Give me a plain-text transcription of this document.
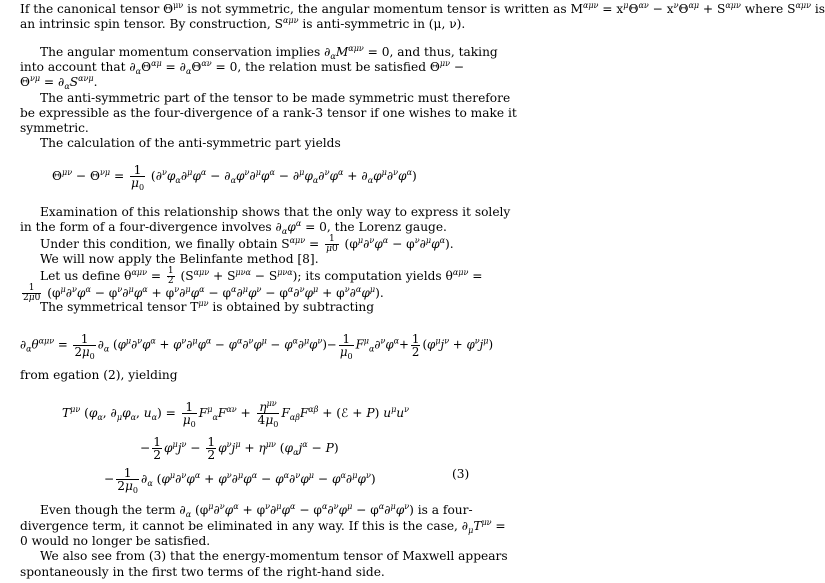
If the canonical tensor $\Theta^{\mu\nu}$ is not symmetric, the angular momentum tensor is written as $M^{\alpha\mu\nu} = x^\mu\Theta^{\alpha\nu} - x^\nu\Theta^{\alpha\mu} + S^{\alpha\mu\nu}$ where $S^{\alpha\mu\nu}$ is
an intrinsic spin tensor. By construction, $S^{\alpha\mu\nu}$ is anti-symmetric in (μ, ν).
The angular momentum conservation implies $\partial_\alpha M^{\alpha\mu\nu} = 0$, and thus, taking
into account that $\partial_\alpha\Theta^{\alpha\mu} = \partial_\alpha\Theta^{\alpha\nu} = 0$, the relation must be satisfied $\Theta^{\mu\nu}$ −
$\Theta^{\nu\mu} = \partial_\alpha S^{\alpha\nu\mu}$.
The anti-symmetric part of the tensor to be made symmetric must therefore
be expressible as the four-divergence of a rank-3 tensor if one wishes to make it
symmetric.
The calculation of the anti-symmetric part yields
$\Theta^{\mu\nu} - \Theta^{\nu\mu} = \frac{1}{\mu_0} (\partial^\nu\varphi_\alpha\partial^\mu\varphi^\alpha - \partial_\alpha\varphi^\nu\partial^\mu\varphi^\alpha - \partial^\mu\varphi_\alpha\partial^\nu\varphi^\alpha + \partial_\alpha\varphi^\mu\partial^\nu\varphi^\alpha)$
Examination of this relationship shows that the only way to express it solely
in the form of a four-divergence involves $\partial_\alpha\varphi^\alpha = 0$, the Lorenz gauge.
Under this condition, we finally obtain $S^{\alpha\mu\nu} = \frac{1}{\mu 0} (\varphi^\mu\partial^\nu\varphi^\alpha - \varphi^\nu\partial^\mu\varphi^\alpha)$.
We will now apply the Belinfante method [8].
Let us define $\theta^{\alpha\mu\nu} = \frac{1}{2} (S^{\alpha\mu\nu} + S^{\mu\nu\alpha} - S^{\mu\nu\alpha})$; its computation yields $\theta^{\alpha\mu\nu}$ =
$\frac{1}{2\mu 0} (\varphi^\mu\partial^\nu\varphi^\alpha - \varphi^\nu\partial^\mu\varphi^\alpha + \varphi^\nu\partial^\mu\varphi^\alpha - \varphi^\alpha\partial^\mu\varphi^\nu - \varphi^\alpha\partial^\nu\varphi^\mu + \varphi^\nu\partial^\alpha\varphi^\mu)$.
The symmetrical tensor $T^{\mu\nu}$ is obtained by subtracting
$\partial_\alpha\theta^{\alpha\mu\nu} = \frac{1}{2\mu_0} \partial_\alpha$ $(\varphi^\mu\partial^\nu\varphi^\alpha + \varphi^\nu\partial^\mu\varphi^\alpha - \varphi^\alpha\partial^\nu\varphi^\mu - \varphi^\alpha\partial^\mu\varphi^\nu)- \frac{1}{\mu_0} F^\mu_\alpha\partial^\nu\varphi^\alpha+ \frac{1}{2} (\varphi^\mu j^\nu + \varphi^\nu j^\mu)$
from egation (2), yielding
$T^{\mu\nu}$ ($\varphi_\alpha$, $\partial_\mu\varphi_\alpha$, $u_\alpha) = \frac{1}{\mu_0} F^\mu_\alpha F^{\alpha\nu} + \frac{\eta^{\mu\nu}}{4\mu_0} F_{\alpha\beta}F^{\alpha\beta}$ + (ℰ + P) $u^\mu u^\nu$
− $\frac{1}{2} \varphi^\mu j^\nu - \frac{1}{2} \varphi^\nu j^\mu + \eta^{\mu\nu}$ $(\varphi_\alpha j^\alpha - P)$
− $\frac{1}{2\mu_0} \partial_\alpha$ $(\varphi^\mu\partial^\nu\varphi^\alpha + \varphi^\nu\partial^\mu\varphi^\alpha - \varphi^\alpha\partial^\nu\varphi^\mu - \varphi^\alpha\partial^\mu\varphi^\nu)$	(3)
Even though the term $\partial_\alpha$ $(\varphi^\mu\partial^\nu\varphi^\alpha + \varphi^\nu\partial^\mu\varphi^\alpha - \varphi^\alpha\partial^\nu\varphi^\mu - \varphi^\alpha\partial^\mu\varphi^\nu)$ is a four-
divergence term, it cannot be eliminated in any way. If this is the case, $\partial_\mu T^{\mu\nu}$ =
0 would no longer be satisfied.
We also see from (3) that the energy-momentum tensor of Maxwell appears
spontaneously in the first two terms of the right-hand side.
